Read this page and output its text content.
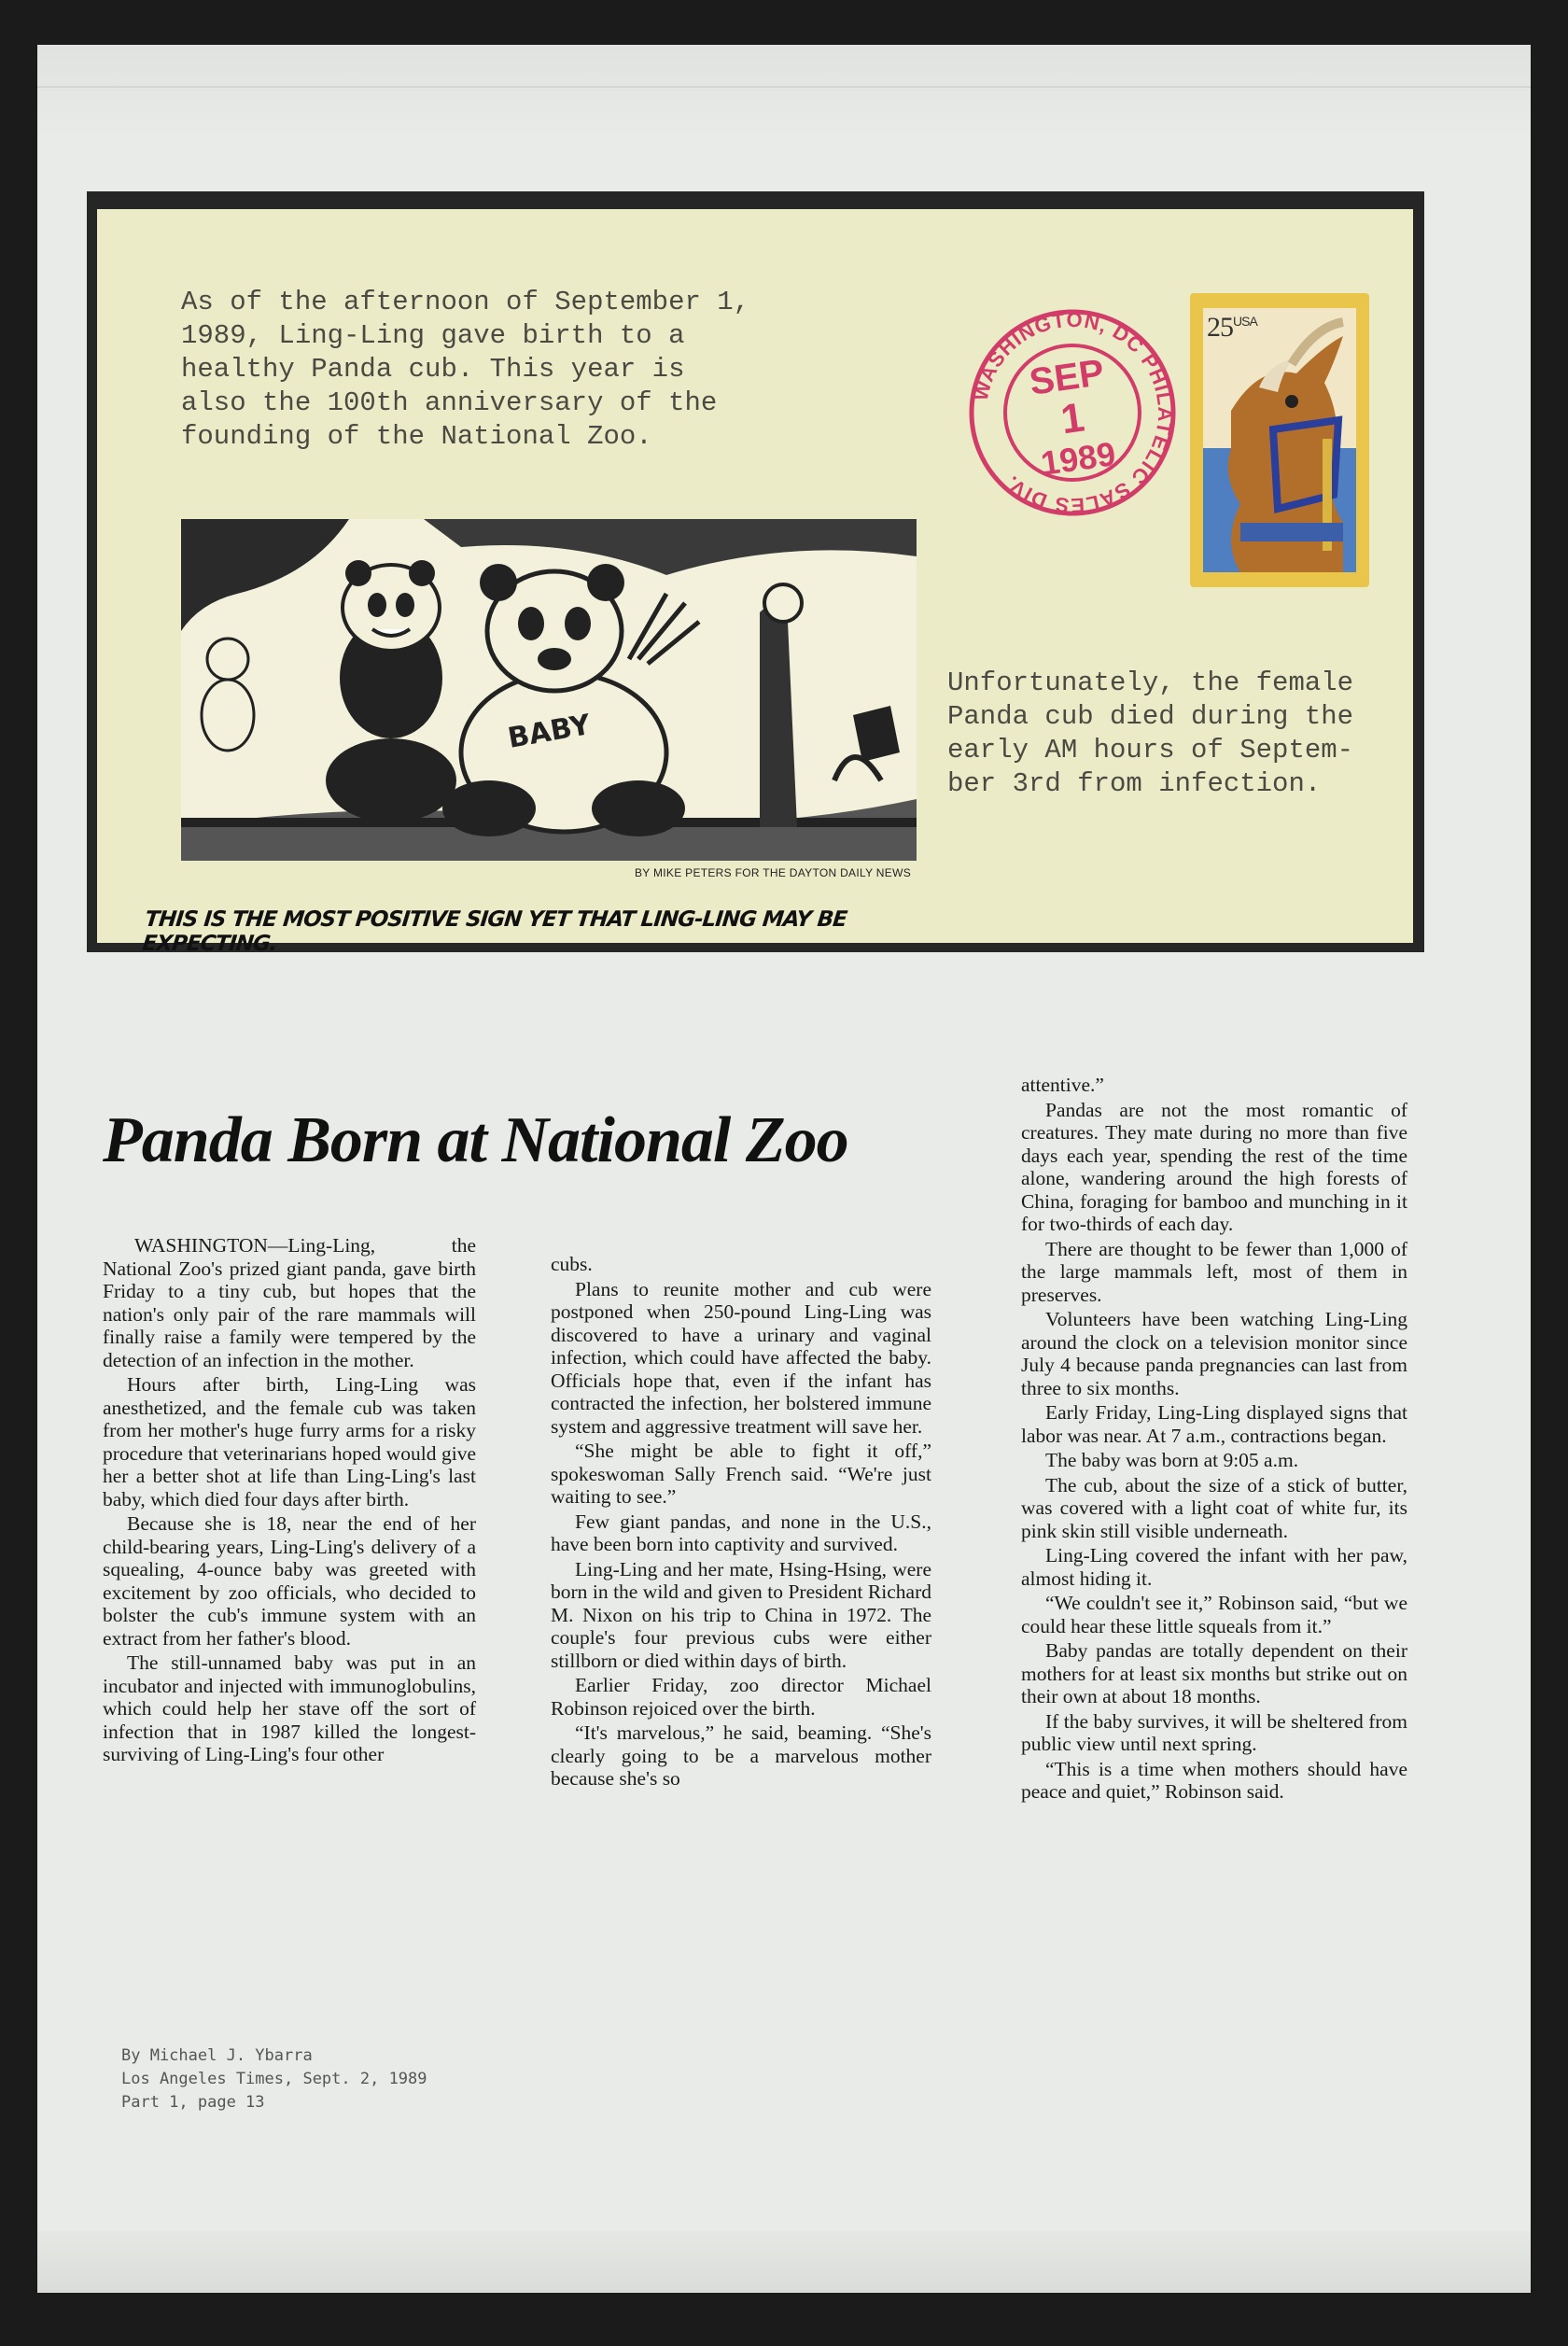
As of the afternoon of September 1,
1989, Ling-Ling gave birth to a
healthy Panda cub. This year is
also the 100th anniversary of the
founding of the National Zoo.

WASHINGTON, DC PHILATELIC SALES DIV.
SEP
1
1989
$25^{USA}$
BABY
BY MIKE PETERS FOR THE DAYTON DAILY NEWS
THIS IS THE MOST POSITIVE SIGN YET THAT LING-LING MAY BE EXPECTING.

Unfortunately, the female
Panda cub died during the
early AM hours of Septem-
ber 3rd from infection.

Panda Born at National Zoo

WASHINGTON—Ling-Ling, the National Zoo's prized giant panda, gave birth Friday to a tiny cub, but hopes that the nation's only pair of the rare mammals will finally raise a family were tempered by the detection of an infection in the mother.

Hours after birth, Ling-Ling was anesthetized, and the female cub was taken from her mother's huge furry arms for a risky procedure that veterinarians hoped would give her a better shot at life than Ling-Ling's last baby, which died four days after birth.

Because she is 18, near the end of her child-bearing years, Ling-Ling's delivery of a squealing, 4-ounce baby was greeted with excitement by zoo officials, who decided to bolster the cub's immune system with an extract from her father's blood.

The still-unnamed baby was put in an incubator and injected with immunoglobulins, which could help her stave off the sort of infection that in 1987 killed the longest-surviving of Ling-Ling's four other

cubs.

Plans to reunite mother and cub were postponed when 250-pound Ling-Ling was discovered to have a urinary and vaginal infection, which could have affected the baby. Officials hope that, even if the infant has contracted the infection, her bolstered immune system and aggressive treatment will save her.

“She might be able to fight it off,” spokeswoman Sally French said. “We're just waiting to see.”

Few giant pandas, and none in the U.S., have been born into captivity and survived.

Ling-Ling and her mate, Hsing-Hsing, were born in the wild and given to President Richard M. Nixon on his trip to China in 1972. The couple's four previous cubs were either stillborn or died within days of birth.

Earlier Friday, zoo director Michael Robinson rejoiced over the birth.

“It's marvelous,” he said, beaming. “She's clearly going to be a marvelous mother because she's so

attentive.”

Pandas are not the most romantic of creatures. They mate during no more than five days each year, spending the rest of the time alone, wandering around the high forests of China, foraging for bamboo and munching in it for two-thirds of each day.

There are thought to be fewer than 1,000 of the large mammals left, most of them in preserves.

Volunteers have been watching Ling-Ling around the clock on a television monitor since July 4 because panda pregnancies can last from three to six months.

Early Friday, Ling-Ling displayed signs that labor was near. At 7 a.m., contractions began.

The baby was born at 9:05 a.m.

The cub, about the size of a stick of butter, was covered with a light coat of white fur, its pink skin still visible underneath.

Ling-Ling covered the infant with her paw, almost hiding it.

“We couldn't see it,” Robinson said, “but we could hear these little squeals from it.”

Baby pandas are totally dependent on their mothers for at least six months but strike out on their own at about 18 months.

If the baby survives, it will be sheltered from public view until next spring.

“This is a time when mothers should have peace and quiet,” Robinson said.

By Michael J. Ybarra
Los Angeles Times, Sept. 2, 1989
Part 1, page 13
